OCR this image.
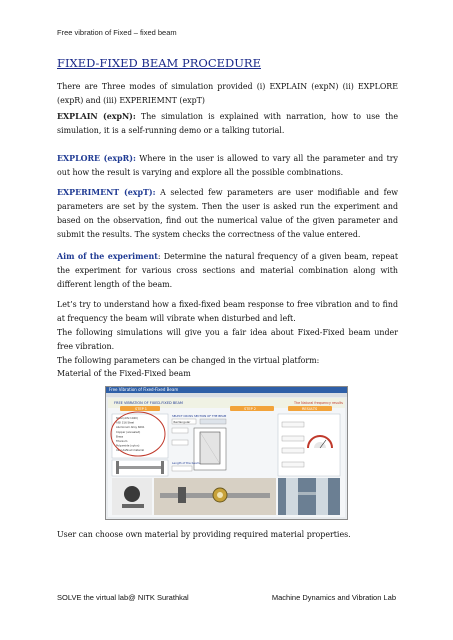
Free vibration of Fixed – fixed beam
FIXED-FIXED BEAM PROCEDURE
There are Three modes of simulation provided (i) EXPLAIN (expN) (ii) EXPLORE (expR) and (iii) EXPERIEMNT (expT)
EXPLAIN (expN): The simulation is explained with narration, how to use the simulation, it is a self-running demo or a talking tutorial.
EXPLORE (expR): Where in the user is allowed to vary all the parameter and try out how the result is varying and explore all the possible combinations.
EXPERIMENT (expT): A selected few parameters are user modifiable and few parameters are set by the system. Then the user is asked run the experiment and based on the observation, find out the numerical value of the given parameter and submit the results. The system checks the correctness of the value entered.
Aim of the experiment: Determine the natural frequency of a given beam, repeat the experiment for various cross sections and material combination along with different length of the beam.
Let’s try to understand how a fixed-fixed beam response to free vibration and to find at frequency the beam will vibrate when disturbed and left.
The following simulations will give you a fair idea about Fixed-Fixed beam under free vibration.
The following parameters can be changed in the virtual platform:
Material of the Fixed-Fixed beam
Free Vibration of Fixed-Fixed Beam
FREE VIBRATION OF FIXED-FIXED BEAM
STEP 1	STEP 2
The Natural frequency results
RESULTS
Steel (AISI 1040)
AISI 316 Steel
Aluminium Alloy 6061
Copper (annealed)
Brass
Titanium
Polyamide (nylon)
User-defined material
SELECT CROSS SECTION OF THE BEAM
Rectangular
Length of the beam
User can choose own material by providing required material properties.
SOLVE the virtual lab@ NITK Surathkal	Machine Dynamics and Vibration Lab
